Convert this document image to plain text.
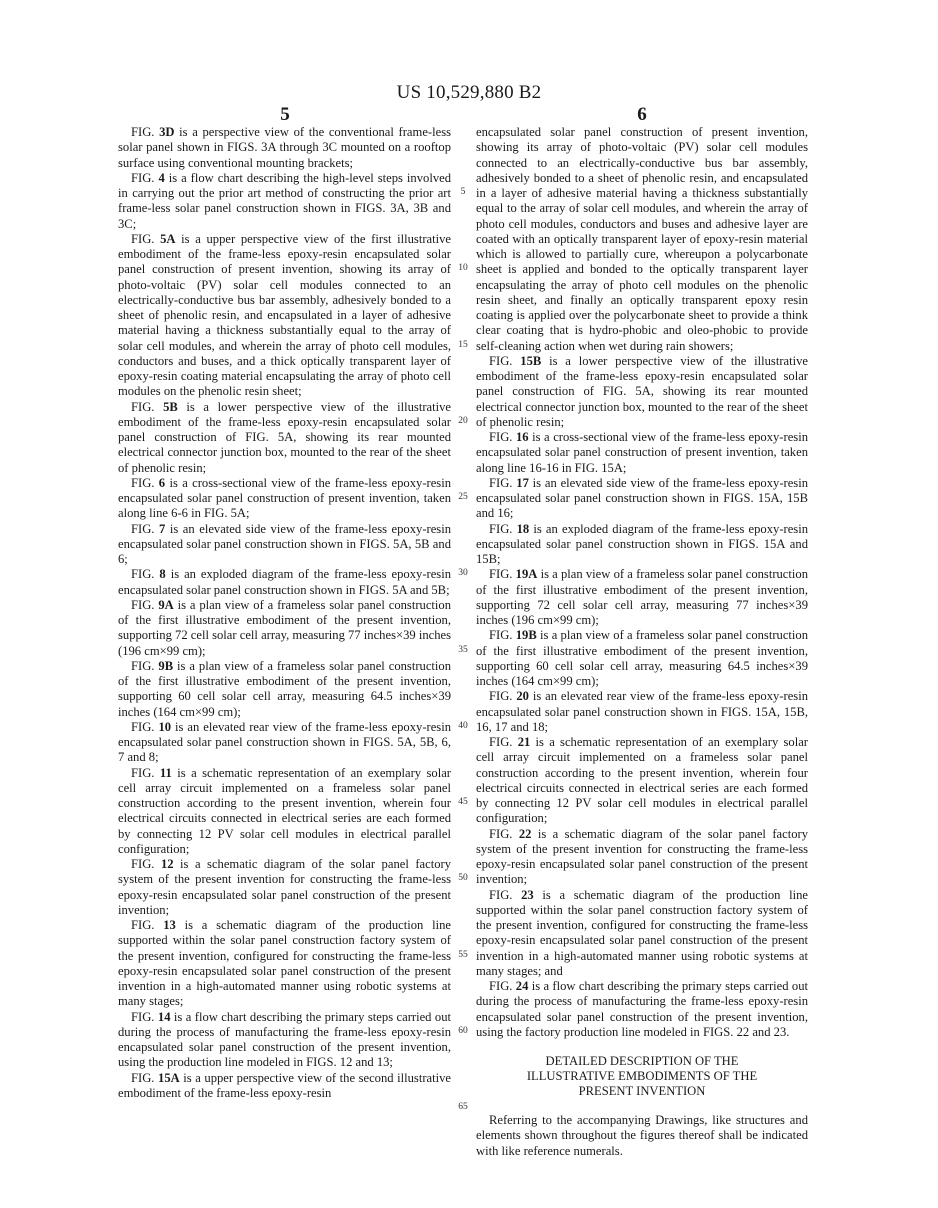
US 10,529,880 B2
5	6

FIG. 3D is a perspective view of the conventional frame-less solar panel shown in FIGS. 3A through 3C mounted on a rooftop surface using conventional mounting brackets;

FIG. 4 is a flow chart describing the high-level steps involved in carrying out the prior art method of constructing the prior art frame-less solar panel construction shown in FIGS. 3A, 3B and 3C;

FIG. 5A is a upper perspective view of the first illustrative embodiment of the frame-less epoxy-resin encapsulated solar panel construction of present invention, showing its array of photo-voltaic (PV) solar cell modules connected to an electrically-conductive bus bar assembly, adhesively bonded to a sheet of phenolic resin, and encapsulated in a layer of adhesive material having a thickness substantially equal to the array of solar cell modules, and wherein the array of photo cell modules, conductors and buses, and a thick optically transparent layer of epoxy-resin coating material encapsulating the array of photo cell modules on the phenolic resin sheet;

FIG. 5B is a lower perspective view of the illustrative embodiment of the frame-less epoxy-resin encapsulated solar panel construction of FIG. 5A, showing its rear mounted electrical connector junction box, mounted to the rear of the sheet of phenolic resin;

FIG. 6 is a cross-sectional view of the frame-less epoxy-resin encapsulated solar panel construction of present invention, taken along line 6-6 in FIG. 5A;

FIG. 7 is an elevated side view of the frame-less epoxy-resin encapsulated solar panel construction shown in FIGS. 5A, 5B and 6;

FIG. 8 is an exploded diagram of the frame-less epoxy-resin encapsulated solar panel construction shown in FIGS. 5A and 5B;

FIG. 9A is a plan view of a frameless solar panel construction of the first illustrative embodiment of the present invention, supporting 72 cell solar cell array, measuring 77 inches×39 inches (196 cm×99 cm);

FIG. 9B is a plan view of a frameless solar panel construction of the first illustrative embodiment of the present invention, supporting 60 cell solar cell array, measuring 64.5 inches×39 inches (164 cm×99 cm);

FIG. 10 is an elevated rear view of the frame-less epoxy-resin encapsulated solar panel construction shown in FIGS. 5A, 5B, 6, 7 and 8;

FIG. 11 is a schematic representation of an exemplary solar cell array circuit implemented on a frameless solar panel construction according to the present invention, wherein four electrical circuits connected in electrical series are each formed by connecting 12 PV solar cell modules in electrical parallel configuration;

FIG. 12 is a schematic diagram of the solar panel factory system of the present invention for constructing the frame-less epoxy-resin encapsulated solar panel construction of the present invention;

FIG. 13 is a schematic diagram of the production line supported within the solar panel construction factory system of the present invention, configured for constructing the frame-less epoxy-resin encapsulated solar panel construction of the present invention in a high-automated manner using robotic systems at many stages;

FIG. 14 is a flow chart describing the primary steps carried out during the process of manufacturing the frame-less epoxy-resin encapsulated solar panel construction of the present invention, using the production line modeled in FIGS. 12 and 13;

FIG. 15A is a upper perspective view of the second illustrative embodiment of the frame-less epoxy-resin

5
10
15
20
25
30
35
40
45
50
55
60
65

encapsulated solar panel construction of present invention, showing its array of photo-voltaic (PV) solar cell modules connected to an electrically-conductive bus bar assembly, adhesively bonded to a sheet of phenolic resin, and encapsulated in a layer of adhesive material having a thickness substantially equal to the array of solar cell modules, and wherein the array of photo cell modules, conductors and buses and adhesive layer are coated with an optically transparent layer of epoxy-resin material which is allowed to partially cure, whereupon a polycarbonate sheet is applied and bonded to the optically transparent layer encapsulating the array of photo cell modules on the phenolic resin sheet, and finally an optically transparent epoxy resin coating is applied over the polycarbonate sheet to provide a think clear coating that is hydro-phobic and oleo-phobic to provide self-cleaning action when wet during rain showers;

FIG. 15B is a lower perspective view of the illustrative embodiment of the frame-less epoxy-resin encapsulated solar panel construction of FIG. 5A, showing its rear mounted electrical connector junction box, mounted to the rear of the sheet of phenolic resin;

FIG. 16 is a cross-sectional view of the frame-less epoxy-resin encapsulated solar panel construction of present invention, taken along line 16-16 in FIG. 15A;

FIG. 17 is an elevated side view of the frame-less epoxy-resin encapsulated solar panel construction shown in FIGS. 15A, 15B and 16;

FIG. 18 is an exploded diagram of the frame-less epoxy-resin encapsulated solar panel construction shown in FIGS. 15A and 15B;

FIG. 19A is a plan view of a frameless solar panel construction of the first illustrative embodiment of the present invention, supporting 72 cell solar cell array, measuring 77 inches×39 inches (196 cm×99 cm);

FIG. 19B is a plan view of a frameless solar panel construction of the first illustrative embodiment of the present invention, supporting 60 cell solar cell array, measuring 64.5 inches×39 inches (164 cm×99 cm);

FIG. 20 is an elevated rear view of the frame-less epoxy-resin encapsulated solar panel construction shown in FIGS. 15A, 15B, 16, 17 and 18;

FIG. 21 is a schematic representation of an exemplary solar cell array circuit implemented on a frameless solar panel construction according to the present invention, wherein four electrical circuits connected in electrical series are each formed by connecting 12 PV solar cell modules in electrical parallel configuration;

FIG. 22 is a schematic diagram of the solar panel factory system of the present invention for constructing the frame-less epoxy-resin encapsulated solar panel construction of the present invention;

FIG. 23 is a schematic diagram of the production line supported within the solar panel construction factory system of the present invention, configured for constructing the frame-less epoxy-resin encapsulated solar panel construction of the present invention in a high-automated manner using robotic systems at many stages; and

FIG. 24 is a flow chart describing the primary steps carried out during the process of manufacturing the frame-less epoxy-resin encapsulated solar panel construction of the present invention, using the factory production line modeled in FIGS. 22 and 23.

DETAILED DESCRIPTION OF THE
ILLUSTRATIVE EMBODIMENTS OF THE
PRESENT INVENTION

Referring to the accompanying Drawings, like structures and elements shown throughout the figures thereof shall be indicated with like reference numerals.
